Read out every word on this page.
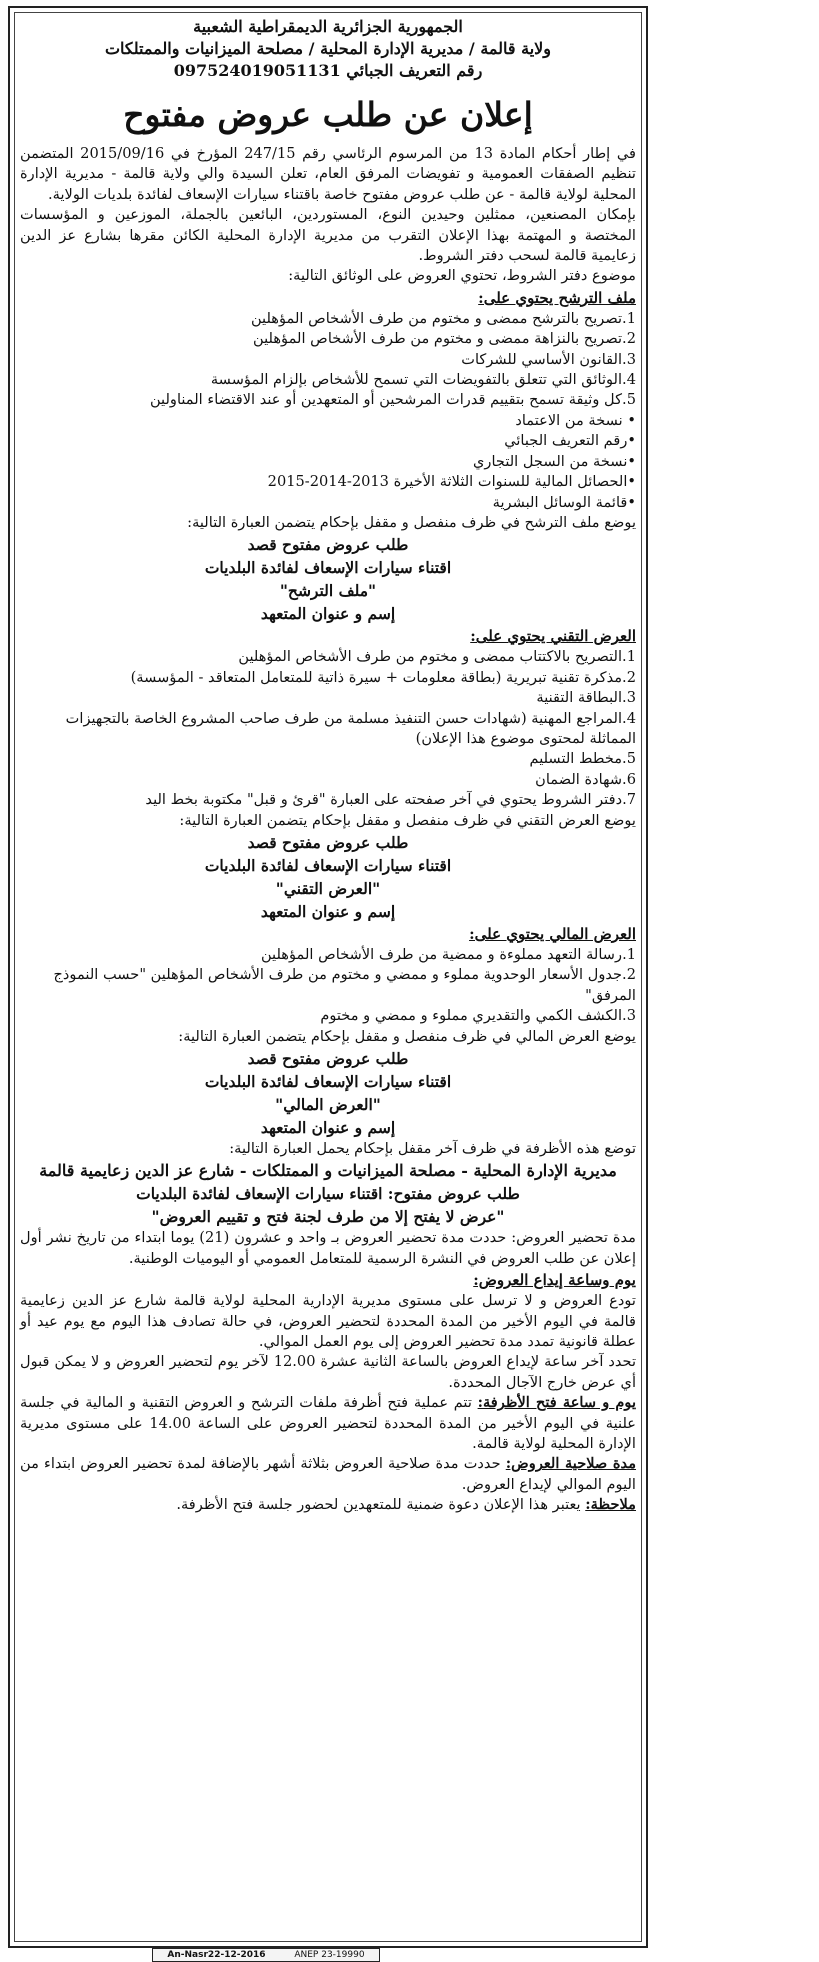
الجمهورية الجزائرية الديمقراطية الشعبية
ولاية قالمة / مديرية الإدارة المحلية / مصلحة الميزانيات والممتلكات
رقم التعريف الجبائي 097524019051131
إعلان عن طلب عروض مفتوح

في إطار أحكام المادة 13 من المرسوم الرئاسي رقم 247/15 المؤرخ في 2015/09/16 المتضمن تنظيم الصفقات العمومية و تفويضات المرفق العام، تعلن السيدة والي ولاية قالمة - مديرية الإدارة المحلية لولاية قالمة - عن طلب عروض مفتوح خاصة باقتناء سيارات الإسعاف لفائدة بلديات الولاية.

بإمكان المصنعين، ممثلين وحيدين النوع، المستوردين، البائعين بالجملة، الموزعين و المؤسسات المختصة و المهتمة بهذا الإعلان التقرب من مديرية الإدارة المحلية الكائن مقرها بشارع عز الدين زعايمية قالمة لسحب دفتر الشروط.

موضوع دفتر الشروط، تحتوي العروض على الوثائق التالية:

ملف الترشح يحتوي على:
1.تصريح بالترشح ممضى و مختوم من طرف الأشخاص المؤهلين
2.تصريح بالنزاهة ممضى و مختوم من طرف الأشخاص المؤهلين
3.القانون الأساسي للشركات
4.الوثائق التي تتعلق بالتفويضات التي تسمح للأشخاص بإلزام المؤسسة
5.كل وثيقة تسمح بتقييم قدرات المرشحين أو المتعهدين أو عند الاقتضاء المناولين
• نسخة من الاعتماد
•رقم التعريف الجبائي
•نسخة من السجل التجاري
•الحصائل المالية للسنوات الثلاثة الأخيرة 2013-2014-2015
•قائمة الوسائل البشرية

يوضع ملف الترشح في ظرف منفصل و مقفل بإحكام يتضمن العبارة التالية:

طلب عروض مفتوح قصد
اقتناء سيارات الإسعاف لفائدة البلديات
"ملف الترشح"
إسم و عنوان المتعهد
العرض التقني يحتوي على:
1.التصريح بالاكتتاب ممضى و مختوم من طرف الأشخاص المؤهلين
2.مذكرة تقنية تبريرية (بطاقة معلومات + سيرة ذاتية للمتعامل المتعاقد - المؤسسة)
3.البطاقة التقنية
4.المراجع المهنية (شهادات حسن التنفيذ مسلمة من طرف صاحب المشروع الخاصة بالتجهيزات المماثلة لمحتوى موضوع هذا الإعلان)
5.مخطط التسليم
6.شهادة الضمان
7.دفتر الشروط يحتوي في آخر صفحته على العبارة "قرئ و قبل" مكتوبة بخط اليد

يوضع العرض التقني في ظرف منفصل و مقفل بإحكام يتضمن العبارة التالية:

طلب عروض مفتوح قصد
اقتناء سيارات الإسعاف لفائدة البلديات
"العرض التقني"
إسم و عنوان المتعهد
العرض المالي يحتوي على:
1.رسالة التعهد مملوءة و ممضية من طرف الأشخاص المؤهلين
2.جدول الأسعار الوحدوية مملوء و ممضي و مختوم من طرف الأشخاص المؤهلين "حسب النموذج المرفق"
3.الكشف الكمي والتقديري مملوء و ممضي و مختوم

يوضع العرض المالي في ظرف منفصل و مقفل بإحكام يتضمن العبارة التالية:

طلب عروض مفتوح قصد
اقتناء سيارات الإسعاف لفائدة البلديات
"العرض المالي"
إسم و عنوان المتعهد

توضع هذه الأظرفة في ظرف آخر مقفل بإحكام يحمل العبارة التالية:

مديرية الإدارة المحلية - مصلحة الميزانيات و الممتلكات - شارع عز الدين زعايمية قالمة
طلب عروض مفتوح: اقتناء سيارات الإسعاف لفائدة البلديات
"عرض لا يفتح إلا من طرف لجنة فتح و تقييم العروض"

مدة تحضير العروض: حددت مدة تحضير العروض بـ واحد و عشرون (21) يوما ابتداء من تاريخ نشر أول إعلان عن طلب العروض في النشرة الرسمية للمتعامل العمومي أو اليوميات الوطنية.

يوم وساعة إيداع العروض:

تودع العروض و لا ترسل على مستوى مديرية الإدارية المحلية لولاية قالمة شارع عز الدين زعايمية قالمة في اليوم الأخير من المدة المحددة لتحضير العروض، في حالة تصادف هذا اليوم مع يوم عيد أو عطلة قانونية تمدد مدة تحضير العروض إلى يوم العمل الموالي.

تحدد آخر ساعة لإيداع العروض بالساعة الثانية عشرة 12.00 لآخر يوم لتحضير العروض و لا يمكن قبول أي عرض خارج الآجال المحددة.

يوم و ساعة فتح الأظرفة: تتم عملية فتح أظرفة ملفات الترشح و العروض التقنية و المالية في جلسة علنية في اليوم الأخير من المدة المحددة لتحضير العروض على الساعة 14.00 على مستوى مديرية الإدارة المحلية لولاية قالمة.

مدة صلاحية العروض: حددت مدة صلاحية العروض بثلاثة أشهر بالإضافة لمدة تحضير العروض ابتداء من اليوم الموالي لإيداع العروض.

ملاحظة: يعتبر هذا الإعلان دعوة ضمنية للمتعهدين لحضور جلسة فتح الأظرفة.

An-Nasr22-12-2016	ANEP 23-19990
